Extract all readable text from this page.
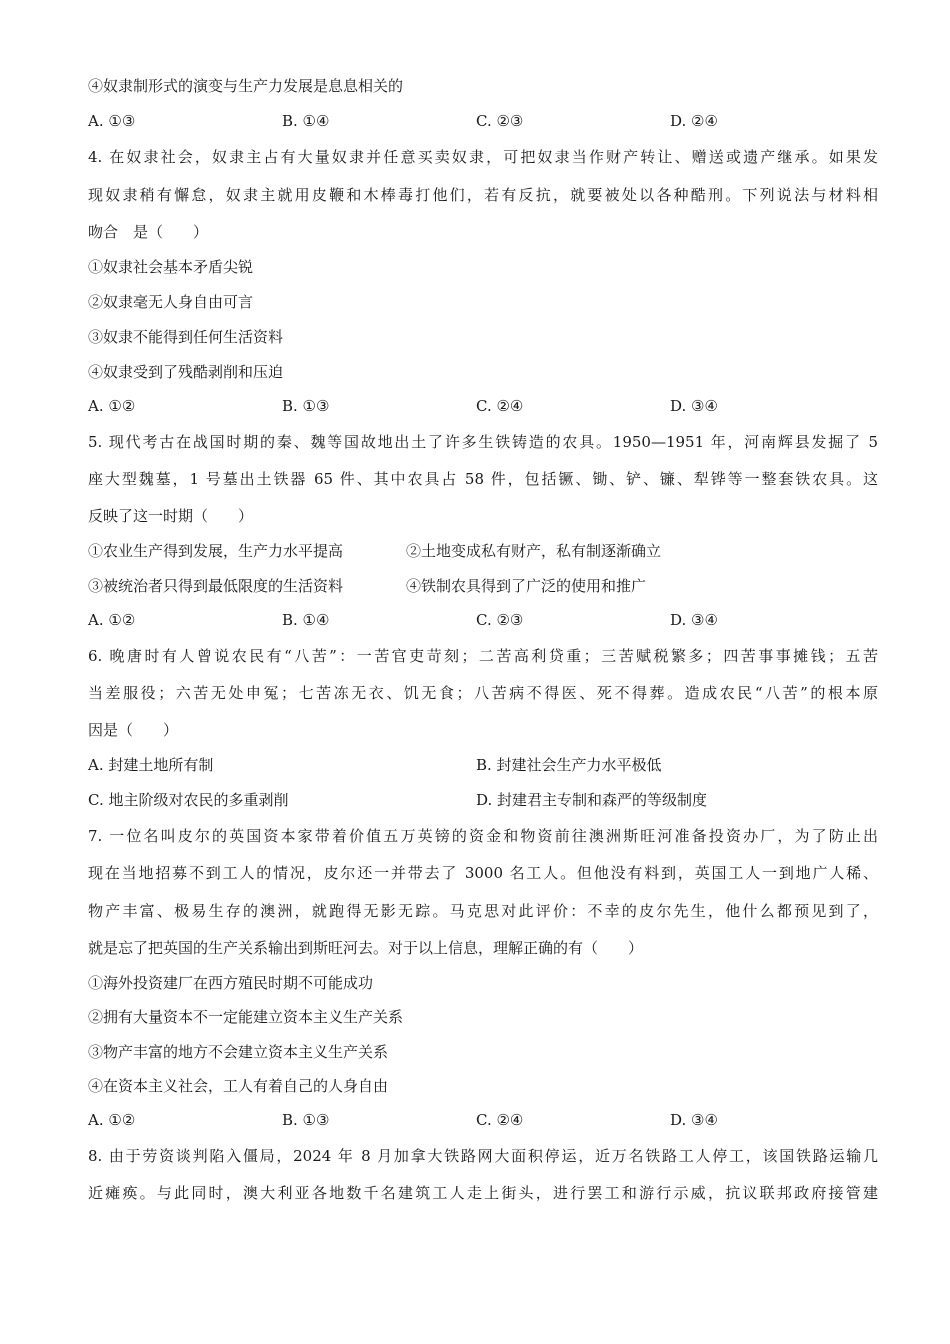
④奴隶制形式的演变与生产力发展是息息相关的
A. ①③	B. ①④	C. ②③	D. ②④
4. 在奴隶社会，奴隶主占有大量奴隶并任意买卖奴隶，可把奴隶当作财产转让、赠送或遗产继承。如果发
现奴隶稍有懈怠，奴隶主就用皮鞭和木棒毒打他们，若有反抗，就要被处以各种酷刑。下列说法与材料相
吻合　是（　　）
①奴隶社会基本矛盾尖锐
②奴隶毫无人身自由可言
③奴隶不能得到任何生活资料
④奴隶受到了残酷剥削和压迫
A. ①②	B. ①③	C. ②④	D. ③④
5. 现代考古在战国时期的秦、魏等国故地出土了许多生铁铸造的农具。1950—1951 年，河南辉县发掘了 5
座大型魏墓，1 号墓出土铁器 65 件、其中农具占 58 件，包括镢、锄、铲、镰、犁铧等一整套铁农具。这
反映了这一时期（　　）
①农业生产得到发展，生产力水平提高	②土地变成私有财产，私有制逐渐确立
③被统治者只得到最低限度的生活资料	④铁制农具得到了广泛的使用和推广
A. ①②	B. ①④	C. ②③	D. ③④
6. 晚唐时有人曾说农民有“八苦”：一苦官吏苛刻；二苦高利贷重；三苦赋税繁多；四苦事事摊钱；五苦
当差服役；六苦无处申冤；七苦冻无衣、饥无食；八苦病不得医、死不得葬。造成农民“八苦”的根本原
因是（　　）
A. 封建土地所有制	B. 封建社会生产力水平极低
C. 地主阶级对农民的多重剥削	D. 封建君主专制和森严的等级制度
7. 一位名叫皮尔的英国资本家带着价值五万英镑的资金和物资前往澳洲斯旺河准备投资办厂，为了防止出
现在当地招募不到工人的情况，皮尔还一并带去了 3000 名工人。但他没有料到，英国工人一到地广人稀、
物产丰富、极易生存的澳洲，就跑得无影无踪。马克思对此评价：不幸的皮尔先生，他什么都预见到了，
就是忘了把英国的生产关系输出到斯旺河去。对于以上信息，理解正确的有（　　）
①海外投资建厂在西方殖民时期不可能成功
②拥有大量资本不一定能建立资本主义生产关系
③物产丰富的地方不会建立资本主义生产关系
④在资本主义社会，工人有着自己的人身自由
A. ①②	B. ①③	C. ②④	D. ③④
8. 由于劳资谈判陷入僵局，2024 年 8 月加拿大铁路网大面积停运，近万名铁路工人停工，该国铁路运输几
近瘫痪。与此同时，澳大利亚各地数千名建筑工人走上街头，进行罢工和游行示威，抗议联邦政府接管建
